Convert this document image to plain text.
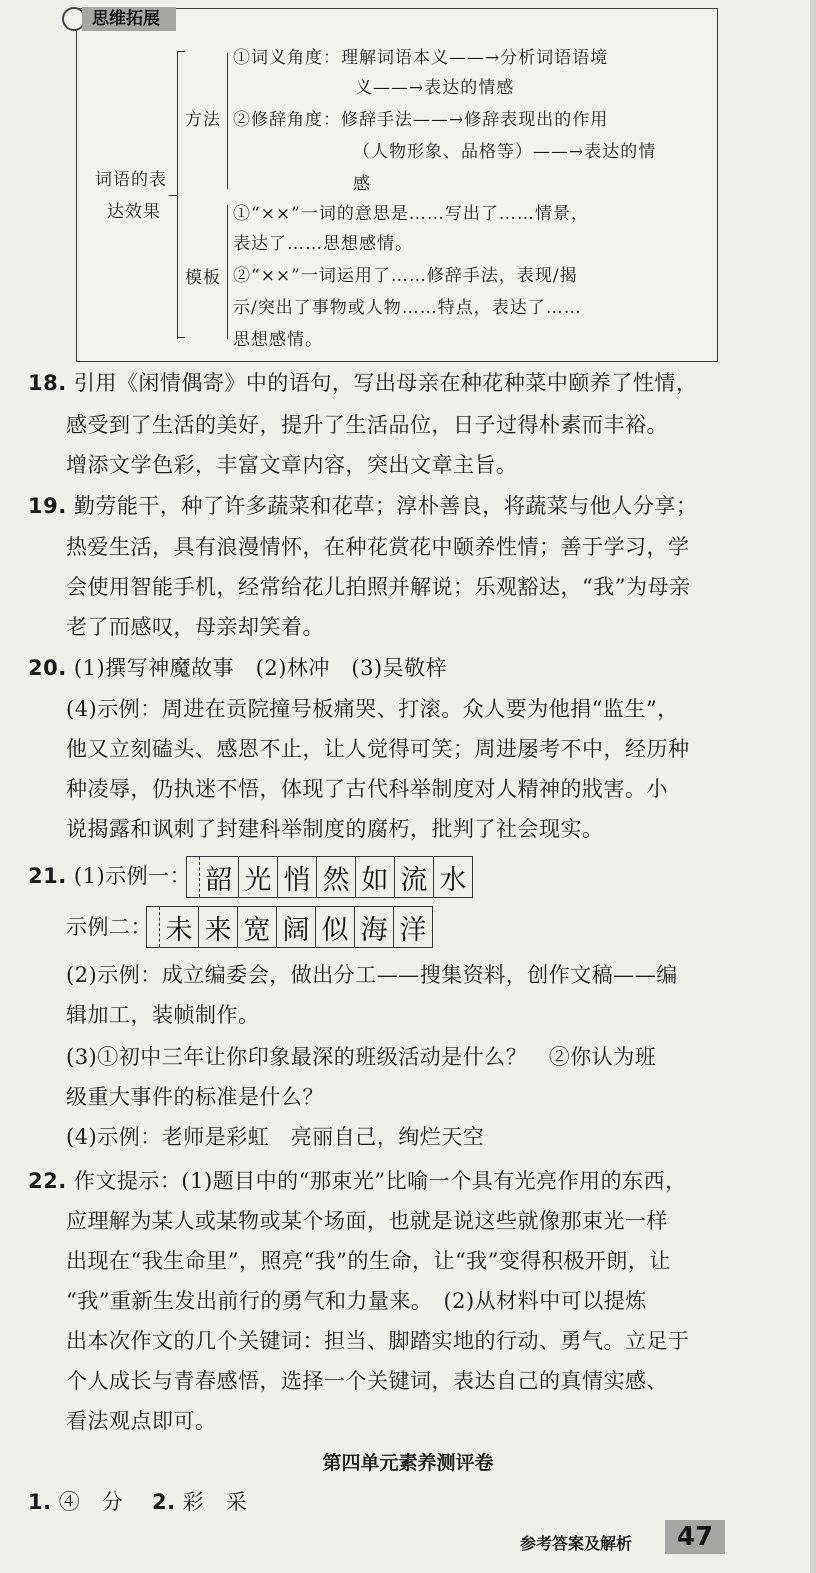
词语的表
达效果
方法
①词义角度：理解词语本义——→分析词语语境
义——→表达的情感
②修辞角度：修辞手法——→修辞表现出的作用
（人物形象、品格等）——→表达的情
感
模板
①“××”一词的意思是……写出了……情景，
表达了……思想感情。
②“××”一词运用了……修辞手法，表现/揭
示/突出了事物或人物……特点，表达了……
思想感情。
思维拓展
18. 引用《闲情偶寄》中的语句，写出母亲在种花种菜中颐养了性情，
感受到了生活的美好，提升了生活品位，日子过得朴素而丰裕。
增添文学色彩，丰富文章内容，突出文章主旨。
19. 勤劳能干，种了许多蔬菜和花草；淳朴善良，将蔬菜与他人分享；
热爱生活，具有浪漫情怀，在种花赏花中颐养性情；善于学习，学
会使用智能手机，经常给花儿拍照并解说；乐观豁达，“我”为母亲
老了而感叹，母亲却笑着。
20. (1)撰写神魔故事　(2)林冲　(3)吴敬梓
(4)示例：周进在贡院撞号板痛哭、打滚。众人要为他捐“监生”，
他又立刻磕头、感恩不止，让人觉得可笑；周进屡考不中，经历种
种凌辱，仍执迷不悟，体现了古代科举制度对人精神的戕害。小
说揭露和讽刺了封建科举制度的腐朽，批判了社会现实。
21. (1)示例一： 韶 光 悄 然 如 流 水
示例二： 未 来 宽 阔 似 海 洋
(2)示例：成立编委会，做出分工——搜集资料，创作文稿——编
辑加工，装帧制作。
(3)①初中三年让你印象最深的班级活动是什么？　②你认为班
级重大事件的标准是什么？
(4)示例：老师是彩虹　亮丽自己，绚烂天空
22. 作文提示：(1)题目中的“那束光”比喻一个具有光亮作用的东西，
应理解为某人或某物或某个场面，也就是说这些就像那束光一样
出现在“我生命里”，照亮“我”的生命，让“我”变得积极开朗，让
“我”重新生发出前行的勇气和力量来。　(2)从材料中可以提炼
出本次作文的几个关键词：担当、脚踏实地的行动、勇气。立足于
个人成长与青春感悟，选择一个关键词，表达自己的真情实感、
看法观点即可。
第四单元素养测评卷
1. ④　分　 2. 彩　采
参考答案及解析	47
